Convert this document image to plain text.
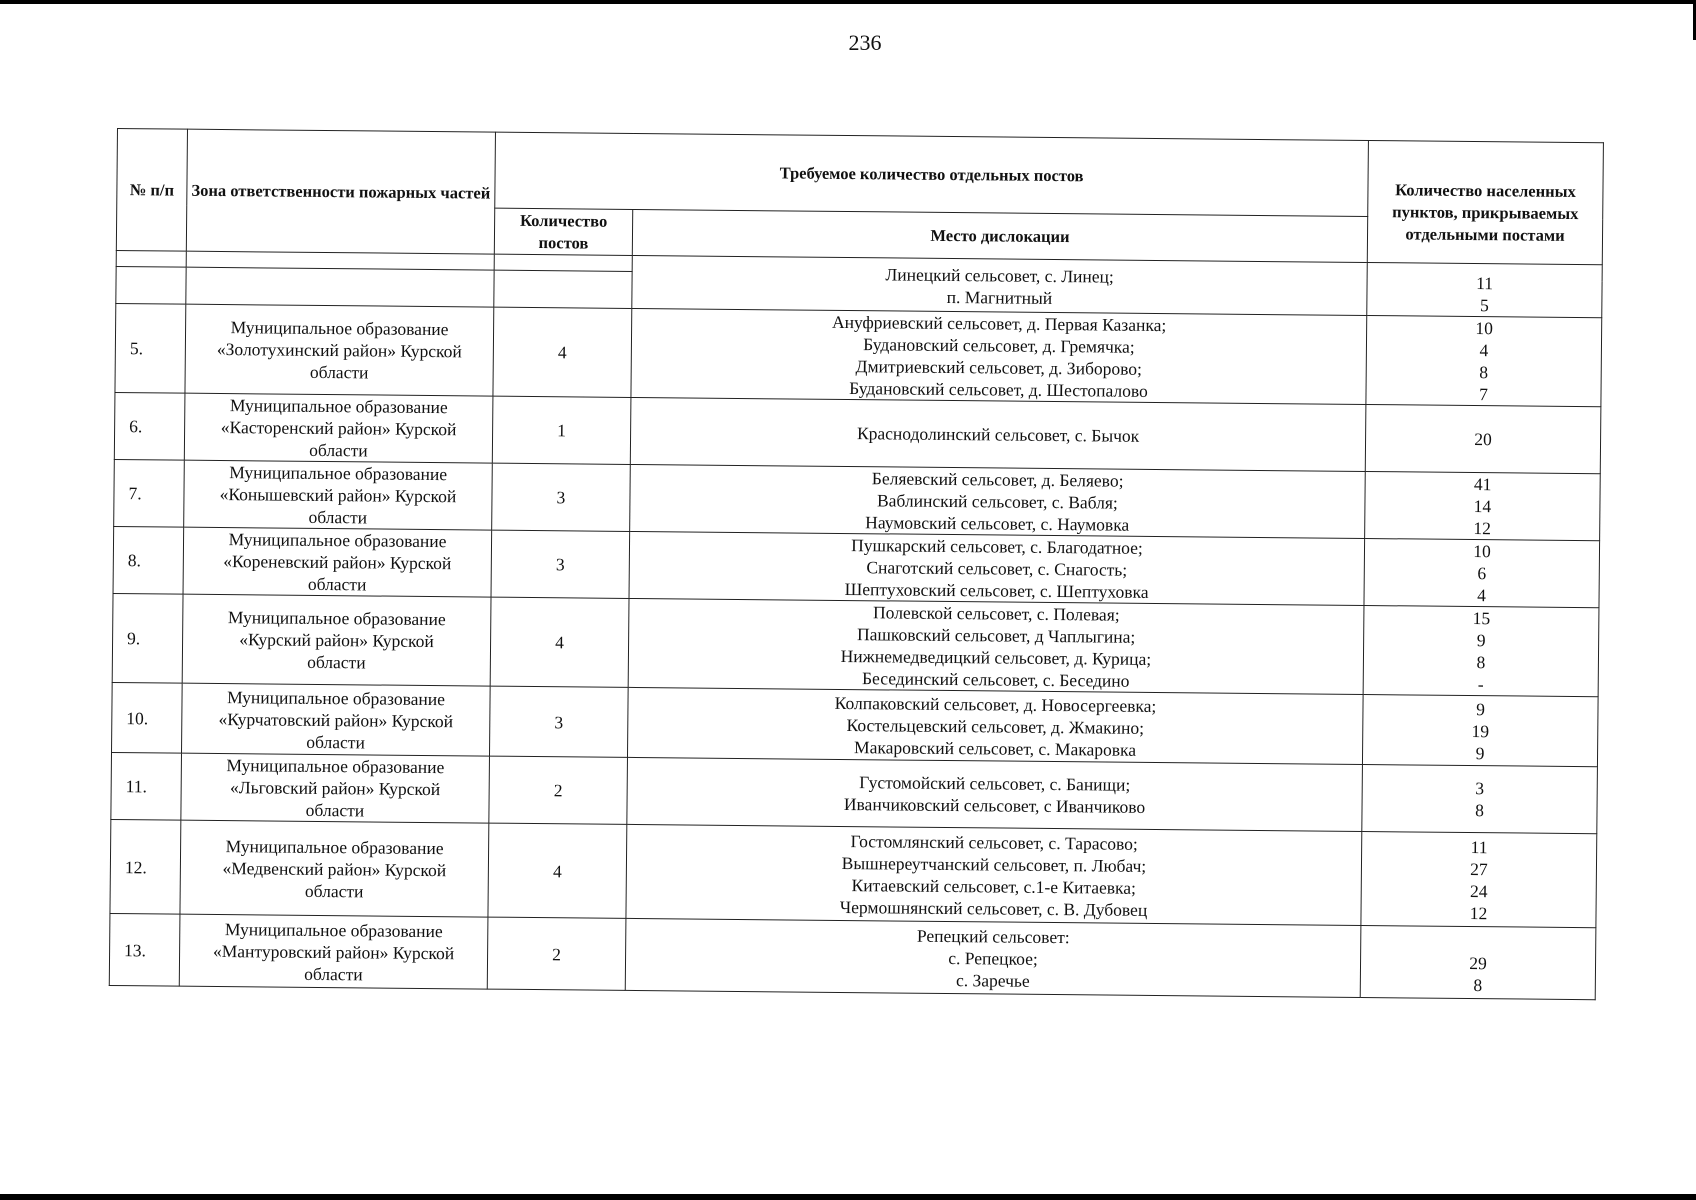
236
№ п/п	Зона ответственности пожарных частей	Требуемое количество отдельных постов		Количество населенных пунктов, прикрываемых отдельными постами
		Количество постов	Место дислокации	

			Линецкий сельсовет, с. Линец;
п. Магнитный	11
5

5.	Муниципальное образование
«Золотухинский район» Курской
области	4	Ануфриевский сельсовет, д. Первая Казанка;
Будановский сельсовет, д. Гремячка;
Дмитриевский сельсовет, д. Зиборово;
Будановский сельсовет, д. Шестопалово	10
4
8
7

6.	Муниципальное образование
«Касторенский район» Курской
области	1	Краснодолинский сельсовет, с. Бычок	20

7.	Муниципальное образование
«Конышевский район» Курской
области	3	Беляевский сельсовет, д. Беляево;
Ваблинский сельсовет, с. Вабля;
Наумовский сельсовет, с. Наумовка	41
14
12

8.	Муниципальное образование
«Кореневский район» Курской
области	3	Пушкарский сельсовет, с. Благодатное;
Снаготский сельсовет, с. Снагость;
Шептуховский сельсовет, с. Шептуховка	10
6
4

9.	Муниципальное образование
«Курский район» Курской
области	4	Полевской сельсовет, с. Полевая;
Пашковский сельсовет, д Чаплыгина;
Нижнемедведицкий сельсовет, д. Курица;
Бесединский сельсовет, с. Беседино	15
9
8
-

10.	Муниципальное образование
«Курчатовский район» Курской
области	3	Колпаковский сельсовет, д. Новосергеевка;
Костельцевский сельсовет, д. Жмакино;
Макаровский сельсовет, с. Макаровка	9
19
9

11.	Муниципальное образование
«Льговский район» Курской
области	2	Густомойский сельсовет, с. Банищи;
Иванчиковский сельсовет, с Иванчиково	3
8

12.	Муниципальное образование
«Медвенский район» Курской
области	4	Гостомлянский сельсовет, с. Тарасово;
Вышнереутчанский сельсовет, п. Любач;
Китаевский сельсовет, с.1-е Китаевка;
Чермошнянский сельсовет, с. В. Дубовец	11
27
24
12

13.	Муниципальное образование
«Мантуровский район» Курской
области	2	Репецкий сельсовет:
с. Репецкое;
с. Заречье	29
8
